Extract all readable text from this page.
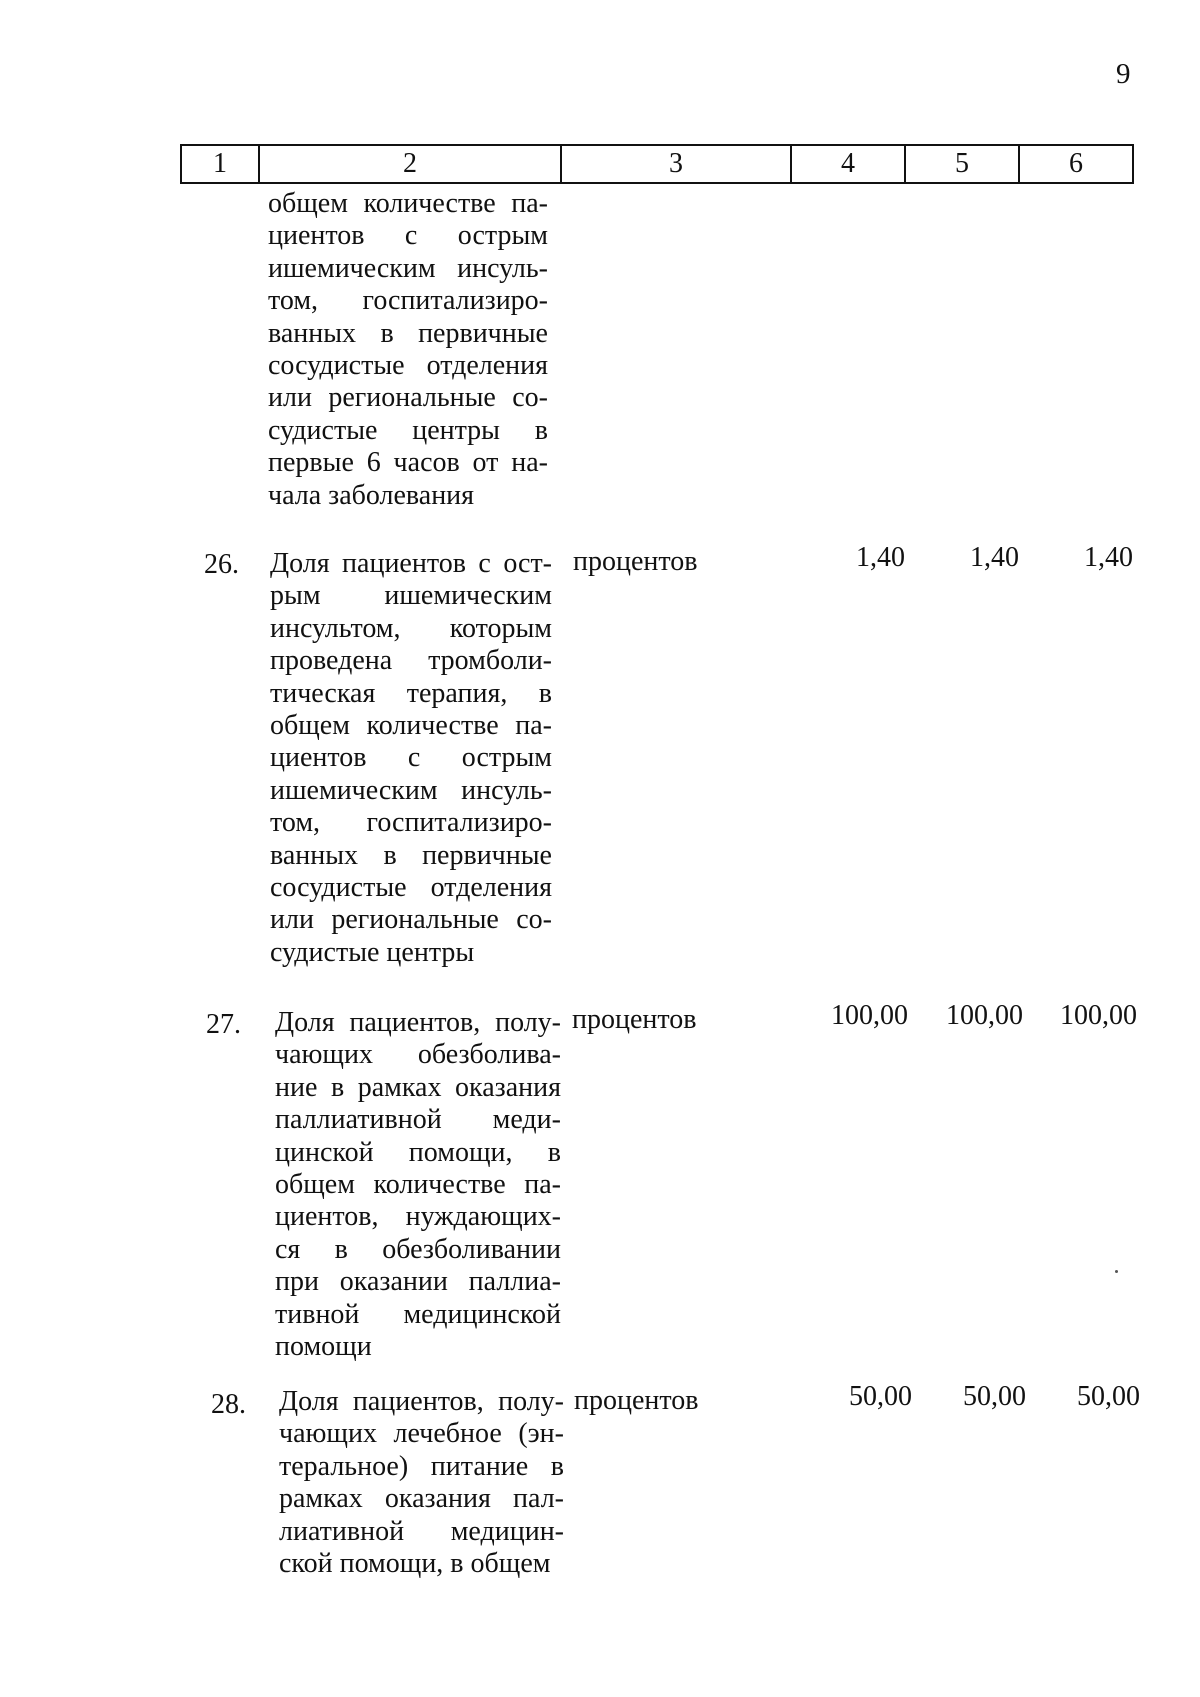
9
1	2	3	4	5	6
общем количестве па-
циентов с острым
ишемическим инсуль-
том, госпитализиро-
ванных в первичные
сосудистые отделения
или региональные со-
судистые центры в
первые 6 часов от на-
чала заболевания
26. Доля пациентов с ост-
рым ишемическим
инсультом, которым
проведена тромболи-
тическая терапия, в
общем количестве па-
циентов с острым
ишемическим инсуль-
том, госпитализиро-
ванных в первичные
сосудистые отделения
или региональные со-
судистые центры
процентов	1,40	1,40	1,40
27. Доля пациентов, полу-
чающих обезболива-
ние в рамках оказания
паллиативной меди-
цинской помощи, в
общем количестве па-
циентов, нуждающих-
ся в обезболивании
при оказании паллиа-
тивной медицинской
помощи
процентов	100,00	100,00	100,00
28. Доля пациентов, полу-
чающих лечебное (эн-
теральное) питание в
рамках оказания пал-
лиативной медицин-
ской помощи, в общем
процентов	50,00	50,00	50,00
